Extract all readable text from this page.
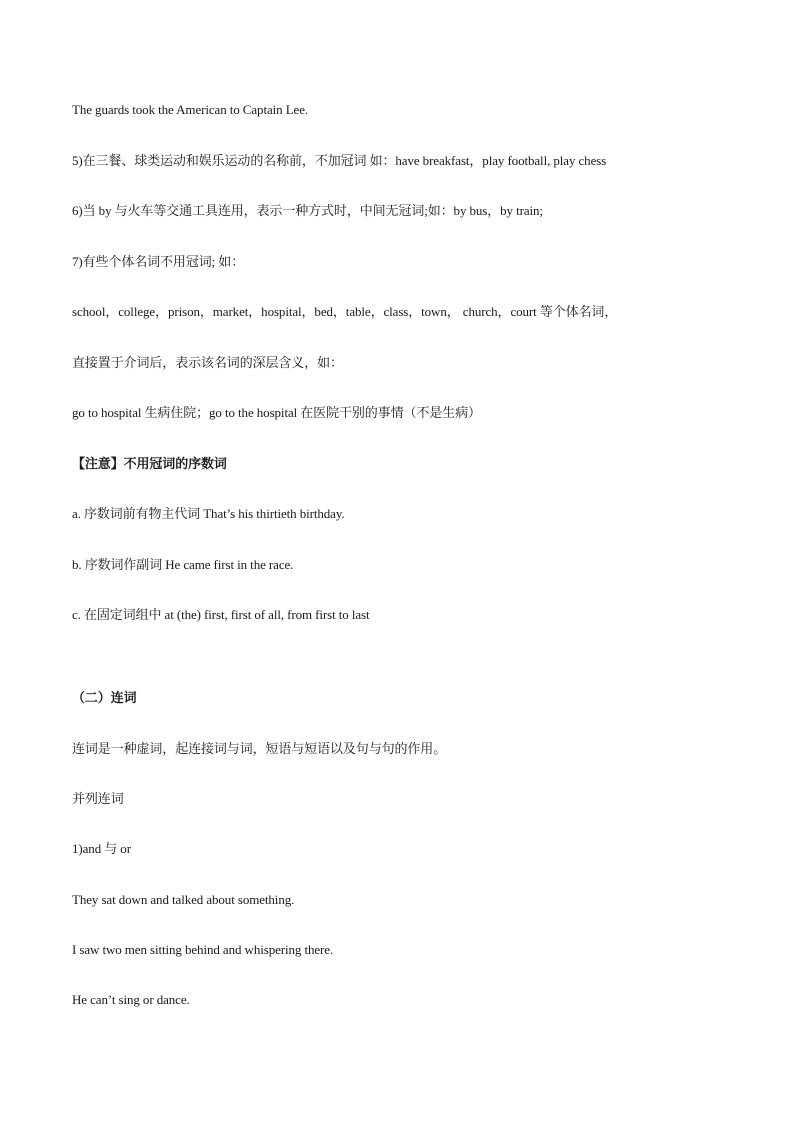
The guards took the American to Captain Lee.
5)在三餐、球类运动和娱乐运动的名称前，不加冠词 如：have breakfast，play football, play chess
6)当 by 与火车等交通工具连用，表示一种方式时，中间无冠词;如：by bus，by train;
7)有些个体名词不用冠词; 如：
school，college，prison，market，hospital，bed，table，class，town， church，court 等个体名词，
直接置于介词后，表示该名词的深层含义，如：
go to hospital 生病住院；go to the hospital 在医院干别的事情（不是生病）
【注意】不用冠词的序数词
a. 序数词前有物主代词 That’s his thirtieth birthday.
b. 序数词作副词 He came first in the race.
c. 在固定词组中 at (the) first, first of all, from first to last
（二）连词
连词是一种虚词，起连接词与词，短语与短语以及句与句的作用。
并列连词
1)and 与 or
They sat down and talked about something.
I saw two men sitting behind and whispering there.
He can’t sing or dance.
